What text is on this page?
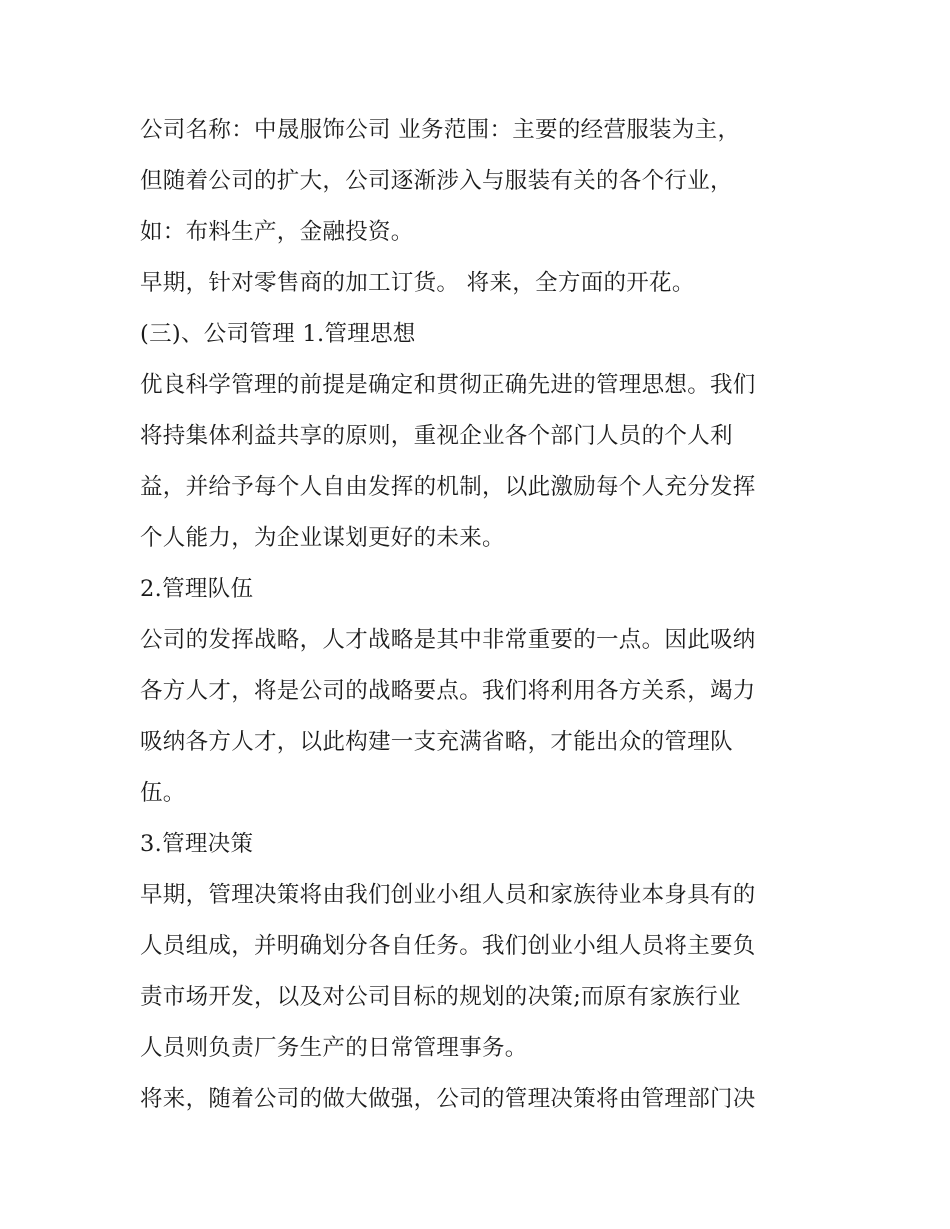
公司名称：中晟服饰公司 业务范围：主要的经营服装为主，
但随着公司的扩大，公司逐渐涉入与服装有关的各个行业，
如：布料生产，金融投资。
早期，针对零售商的加工订货。 将来，全方面的开花。
(三)、公司管理 1.管理思想
优良科学管理的前提是确定和贯彻正确先进的管理思想。我们
将持集体利益共享的原则，重视企业各个部门人员的个人利
益，并给予每个人自由发挥的机制，以此激励每个人充分发挥
个人能力，为企业谋划更好的未来。
2.管理队伍
公司的发挥战略，人才战略是其中非常重要的一点。因此吸纳
各方人才，将是公司的战略要点。我们将利用各方关系，竭力
吸纳各方人才，以此构建一支充满省略，才能出众的管理队
伍。
3.管理决策
早期，管理决策将由我们创业小组人员和家族待业本身具有的
人员组成，并明确划分各自任务。我们创业小组人员将主要负
责市场开发，以及对公司目标的规划的决策;而原有家族行业
人员则负责厂务生产的日常管理事务。
将来，随着公司的做大做强，公司的管理决策将由管理部门决
